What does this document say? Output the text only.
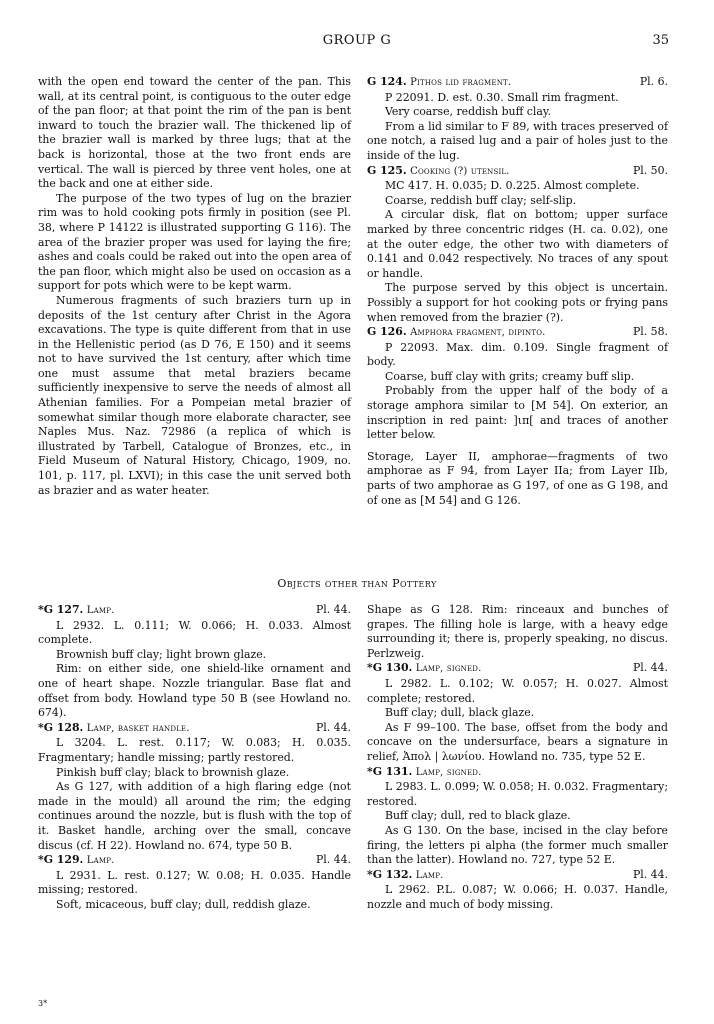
GROUP G	35

with the open end toward the center of the pan. This wall, at its central point, is contiguous to the outer edge of the pan floor; at that point the rim of the pan is bent inward to touch the brazier wall. The thickened lip of the brazier wall is marked by three lugs; that at the back is horizontal, those at the two front ends are vertical. The wall is pierced by three vent holes, one at the back and one at either side.

The purpose of the two types of lug on the brazier rim was to hold cooking pots firmly in position (see Pl. 38, where P 14122 is illustrated supporting G 116). The area of the brazier proper was used for laying the fire; ashes and coals could be raked out into the open area of the pan floor, which might also be used on occasion as a support for pots which were to be kept warm.

Numerous fragments of such braziers turn up in deposits of the 1st century after Christ in the Agora excavations. The type is quite different from that in use in the Hellenistic period (as D 76, E 150) and it seems not to have survived the 1st century, after which time one must assume that metal braziers became sufficiently inexpensive to serve the needs of almost all Athenian families. For a Pompeian metal brazier of somewhat similar though more elaborate character, see Naples Mus. Naz. 72986 (a replica of which is illustrated by Tarbell, Catalogue of Bronzes, etc., in Field Museum of Natural History, Chicago, 1909, no. 101, p. 117, pl. LXVI); in this case the unit served both as brazier and as water heater.

G 124. Pithos lid fragment.	Pl. 6.

P 22091. D. est. 0.30. Small rim fragment.

Very coarse, reddish buff clay.

From a lid similar to F 89, with traces preserved of one notch, a raised lug and a pair of holes just to the inside of the lug.

G 125. Cooking (?) utensil.	Pl. 50.

MC 417. H. 0.035; D. 0.225. Almost complete.

Coarse, reddish buff clay; self-slip.

A circular disk, flat on bottom; upper surface marked by three concentric ridges (H. ca. 0.02), one at the outer edge, the other two with diameters of 0.141 and 0.042 respectively. No traces of any spout or handle.

The purpose served by this object is uncertain. Possibly a support for hot cooking pots or frying pans when removed from the brazier (?).

G 126. Amphora fragment, dipinto.	Pl. 58.

P 22093. Max. dim. 0.109. Single fragment of body.

Coarse, buff clay with grits; creamy buff slip.

Probably from the upper half of the body of a storage amphora similar to [M 54]. On exterior, an inscription in red paint: ]ιπ[ and traces of another letter below.

Storage, Layer II, amphorae—fragments of two amphorae as F 94, from Layer IIa; from Layer IIb, parts of two amphorae as G 197, of one as G 198, and of one as [M 54] and G 126.

Objects other than Pottery
*G 127. Lamp.	Pl. 44.

L 2932. L. 0.111; W. 0.066; H. 0.033. Almost complete.

Brownish buff clay; light brown glaze.

Rim: on either side, one shield-like ornament and one of heart shape. Nozzle triangular. Base flat and offset from body. Howland type 50 B (see Howland no. 674).

*G 128. Lamp, basket handle.	Pl. 44.

L 3204. L. rest. 0.117; W. 0.083; H. 0.035. Fragmentary; handle missing; partly restored.

Pinkish buff clay; black to brownish glaze.

As G 127, with addition of a high flaring edge (not made in the mould) all around the rim; the edging continues around the nozzle, but is flush with the top of it. Basket handle, arching over the small, concave discus (cf. H 22). Howland no. 674, type 50 B.

*G 129. Lamp.	Pl. 44.

L 2931. L. rest. 0.127; W. 0.08; H. 0.035. Handle missing; restored.

Soft, micaceous, buff clay; dull, reddish glaze.

3*

Shape as G 128. Rim: rinceaux and bunches of grapes. The filling hole is large, with a heavy edge surrounding it; there is, properly speaking, no discus. Perlzweig.

*G 130. Lamp, signed.	Pl. 44.

L 2982. L. 0.102; W. 0.057; H. 0.027. Almost complete; restored.

Buff clay; dull, black glaze.

As F 99–100. The base, offset from the body and concave on the undersurface, bears a signature in relief, Ἀπολ | λωνίου. Howland no. 735, type 52 E.

*G 131. Lamp, signed.

L 2983. L. 0.099; W. 0.058; H. 0.032. Fragmentary; restored.

Buff clay; dull, red to black glaze.

As G 130. On the base, incised in the clay before firing, the letters pi alpha (the former much smaller than the latter). Howland no. 727, type 52 E.

*G 132. Lamp.	Pl. 44.

L 2962. P.L. 0.087; W. 0.066; H. 0.037. Handle, nozzle and much of body missing.
